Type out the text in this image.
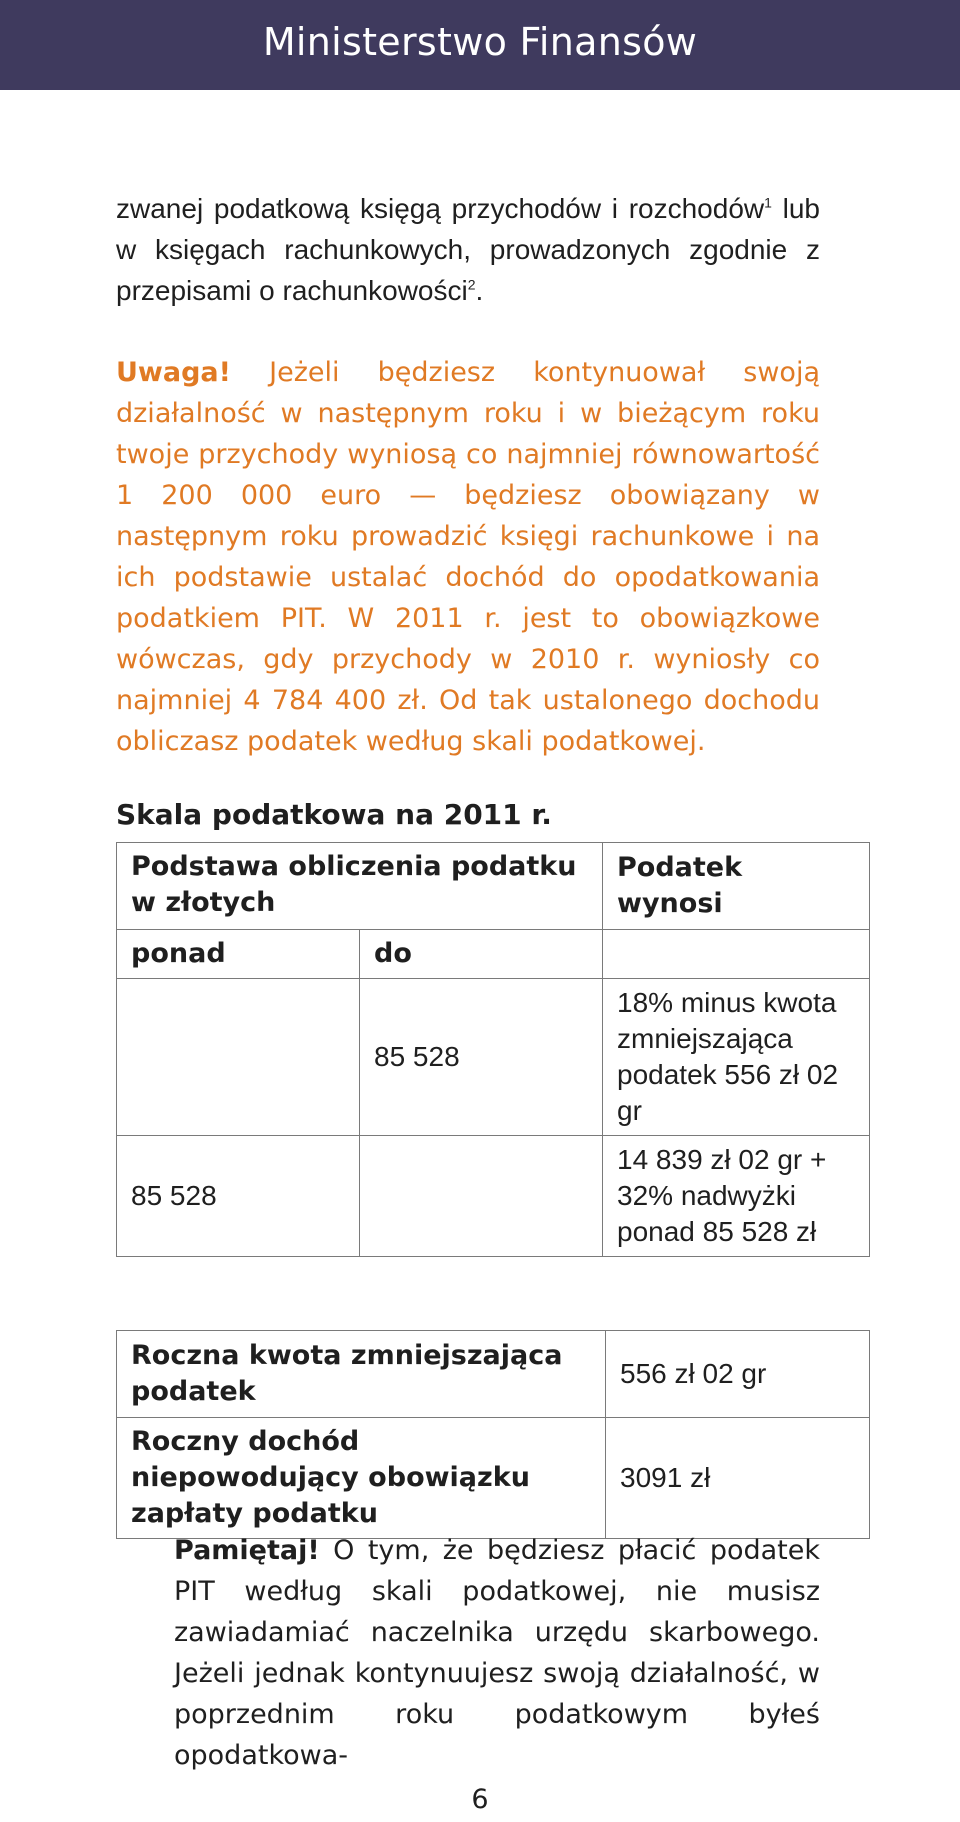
Ministerstwo Finansów
zwanej podatkową księgą przychodów i rozchodów$^1$ lub w księgach rachunkowych, prowadzonych zgodnie z przepisami o rachunkowości$^2$.
Uwaga! Jeżeli będziesz kontynuował swoją działalność w następnym roku i w bieżącym roku twoje przychody wyniosą co najmniej równowartość 1 200 000 euro — będziesz obowiązany w następnym roku prowadzić księgi rachunkowe i na ich podstawie ustalać dochód do opodatkowania podatkiem PIT. W 2011 r. jest to obowiązkowe wówczas, gdy przychody w 2010 r. wyniosły co najmniej 4 784 400 zł. Od tak ustalonego dochodu obliczasz podatek według skali podatkowej.
Skala podatkowa na 2011 r.
Podstawa obliczenia podatku w złotych		Podatek wynosi

ponad	do	
	85 528	18% minus kwota zmniejszająca podatek 556 zł 02 gr
85 528		14 839 zł 02 gr + 32% nadwyżki ponad 85 528 zł
Roczna kwota zmniejszająca podatek	556 zł 02 gr
Roczny dochód niepowodujący obowiązku zapłaty podatku	3091 zł
Pamiętaj! O tym, że będziesz płacić podatek PIT według skali podatkowej, nie musisz zawiadamiać naczelnika urzędu skarbowego. Jeżeli jednak kontynuujesz swoją działalność, w poprzednim roku podatkowym byłeś opodatkowa-
6
